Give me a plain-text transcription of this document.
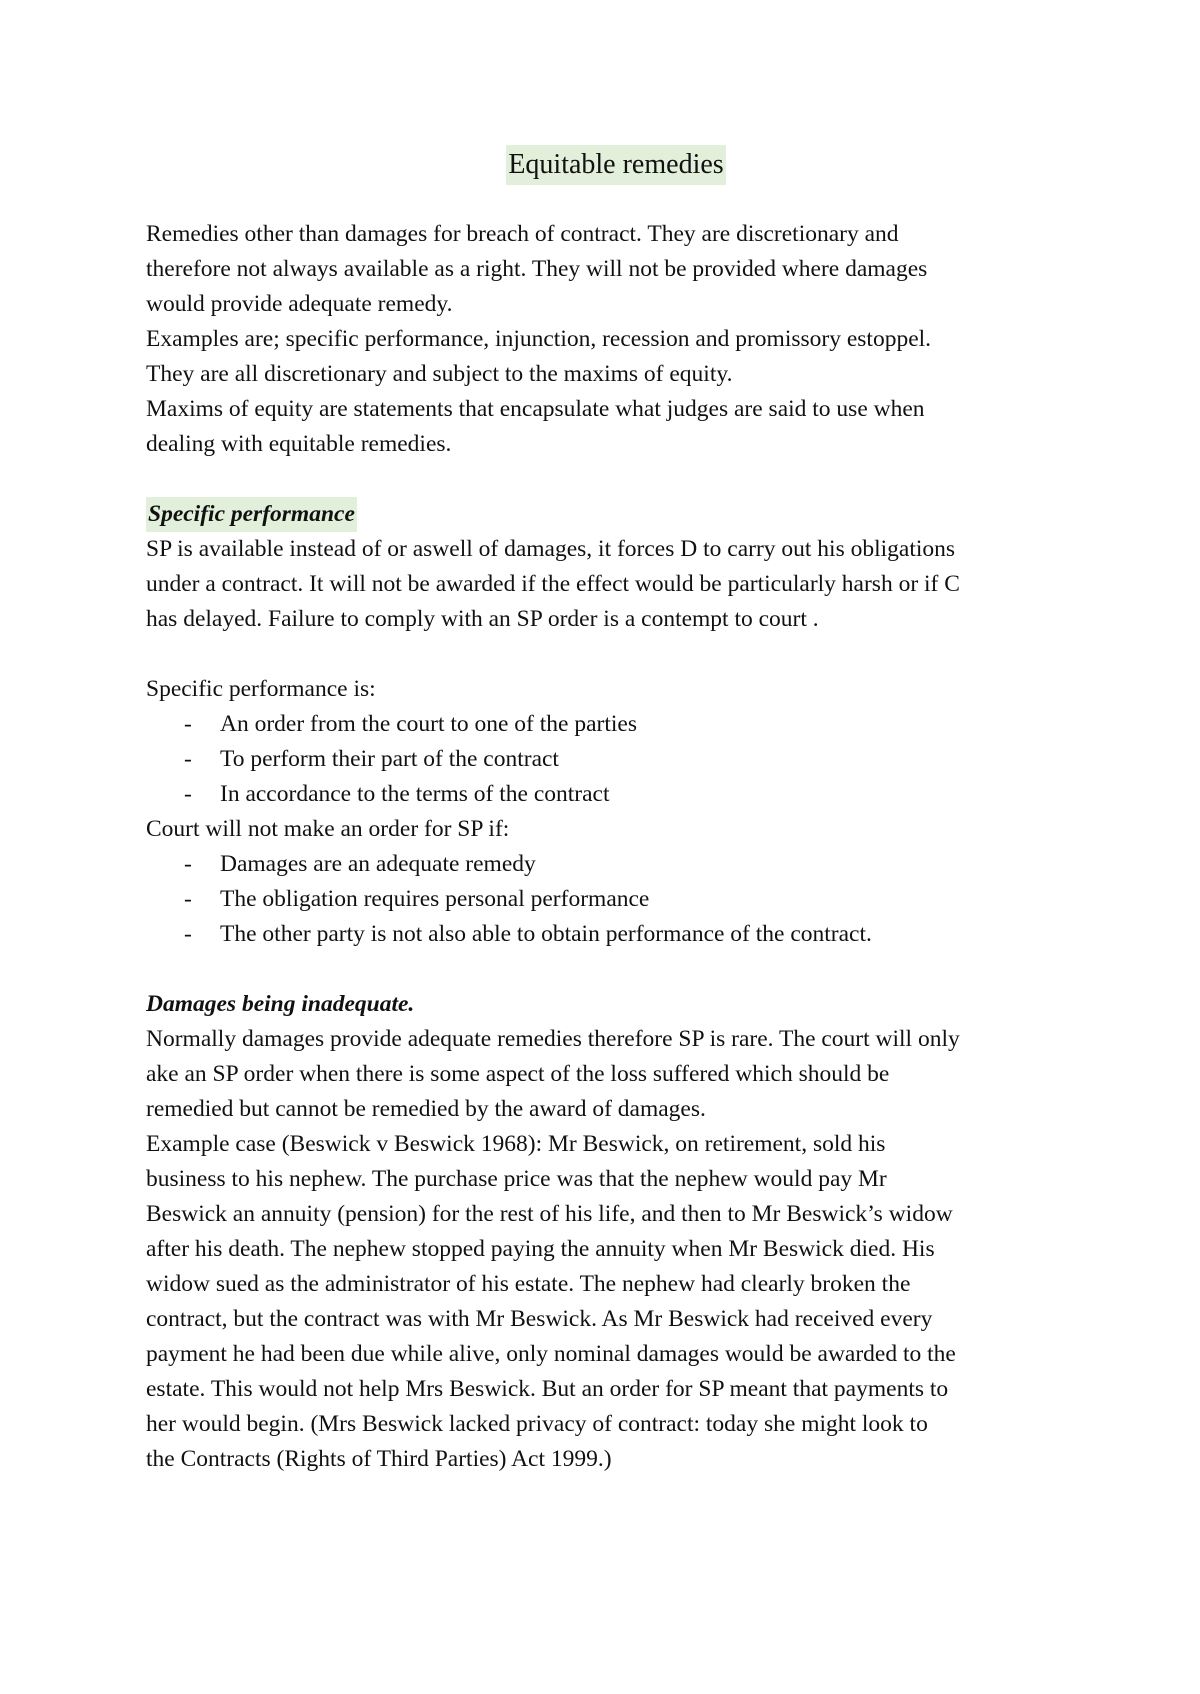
Equitable remedies

Remedies other than damages for breach of contract. They are discretionary and

therefore not always available as a right. They will not be provided where damages

would provide adequate remedy.

Examples are; specific performance, injunction, recession and promissory estoppel.

They are all discretionary and subject to the maxims of equity.

Maxims of equity are statements that encapsulate what judges are said to use when

dealing with equitable remedies.

Specific performance

SP is available instead of or aswell of damages, it forces D to carry out his obligations

under a contract. It will not be awarded if the effect would be particularly harsh or if C

has delayed. Failure to comply with an SP order is a contempt to court .

Specific performance is:

- An order from the court to one of the parties
- To perform their part of the contract
- In accordance to the terms of the contract

Court will not make an order for SP if:

- Damages are an adequate remedy
- The obligation requires personal performance
- The other party is not also able to obtain performance of the contract.

Damages being inadequate.

Normally damages provide adequate remedies therefore SP is rare. The court will only

ake an SP order when there is some aspect of the loss suffered which should be

remedied but cannot be remedied by the award of damages.

Example case (Beswick v Beswick 1968): Mr Beswick, on retirement, sold his

business to his nephew. The purchase price was that the nephew would pay Mr

Beswick an annuity (pension) for the rest of his life, and then to Mr Beswick’s widow

after his death. The nephew stopped paying the annuity when Mr Beswick died. His

widow sued as the administrator of his estate. The nephew had clearly broken the

contract, but the contract was with Mr Beswick. As Mr Beswick had received every

payment he had been due while alive, only nominal damages would be awarded to the

estate. This would not help Mrs Beswick. But an order for SP meant that payments to

her would begin. (Mrs Beswick lacked privacy of contract: today she might look to

the Contracts (Rights of Third Parties) Act 1999.)
